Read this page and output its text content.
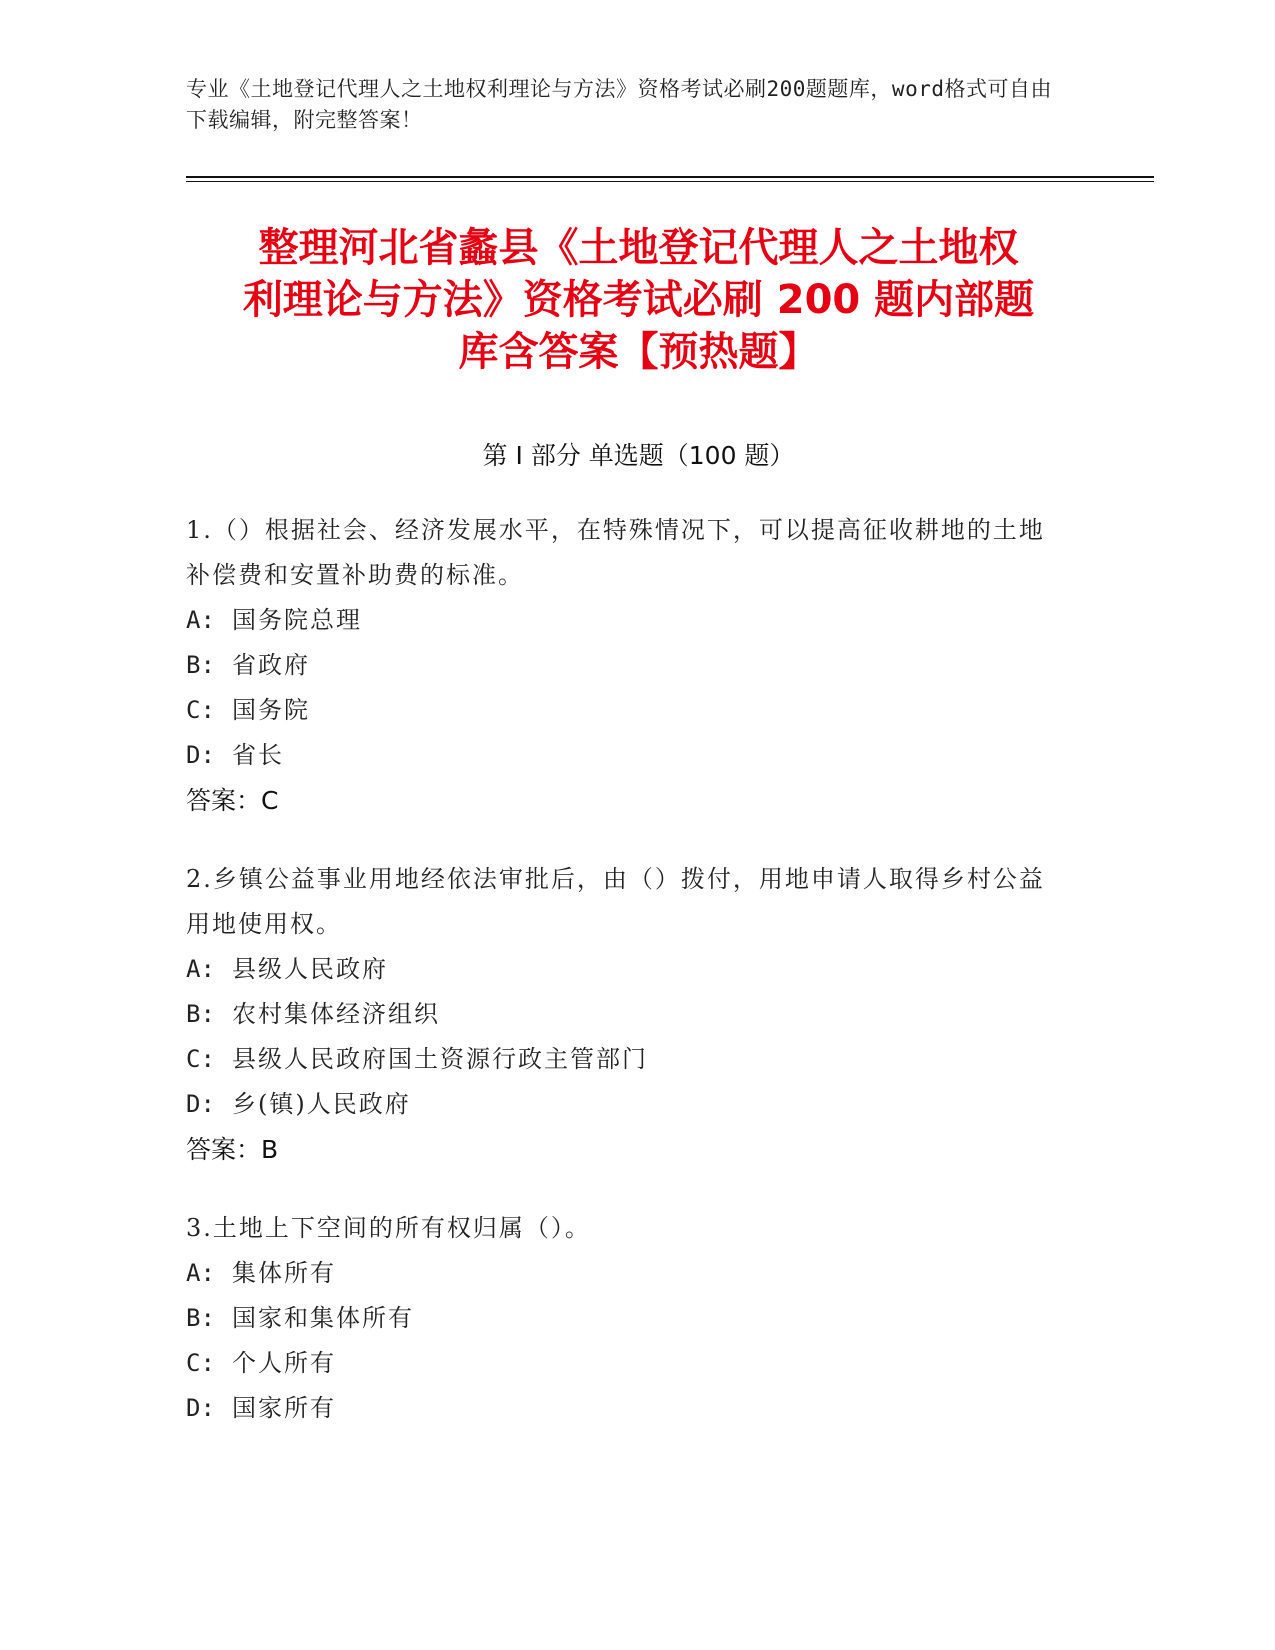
专业《土地登记代理人之土地权利理论与方法》资格考试必刷200题题库，word格式可自由下载编辑，附完整答案！
整理河北省蠡县《土地登记代理人之土地权
利理论与方法》资格考试必刷 200 题内部题
库含答案【预热题】
第 I 部分 单选题（100 题）
1.（）根据社会、经济发展水平，在特殊情况下，可以提高征收耕地的土地补偿费和安置补助费的标准。
A: 国务院总理
B: 省政府
C: 国务院
D: 省长
答案：C
2.乡镇公益事业用地经依法审批后，由（）拨付，用地申请人取得乡村公益用地使用权。
A: 县级人民政府
B: 农村集体经济组织
C: 县级人民政府国土资源行政主管部门
D: 乡(镇)人民政府
答案：B
3.土地上下空间的所有权归属（）。
A: 集体所有
B: 国家和集体所有
C: 个人所有
D: 国家所有
